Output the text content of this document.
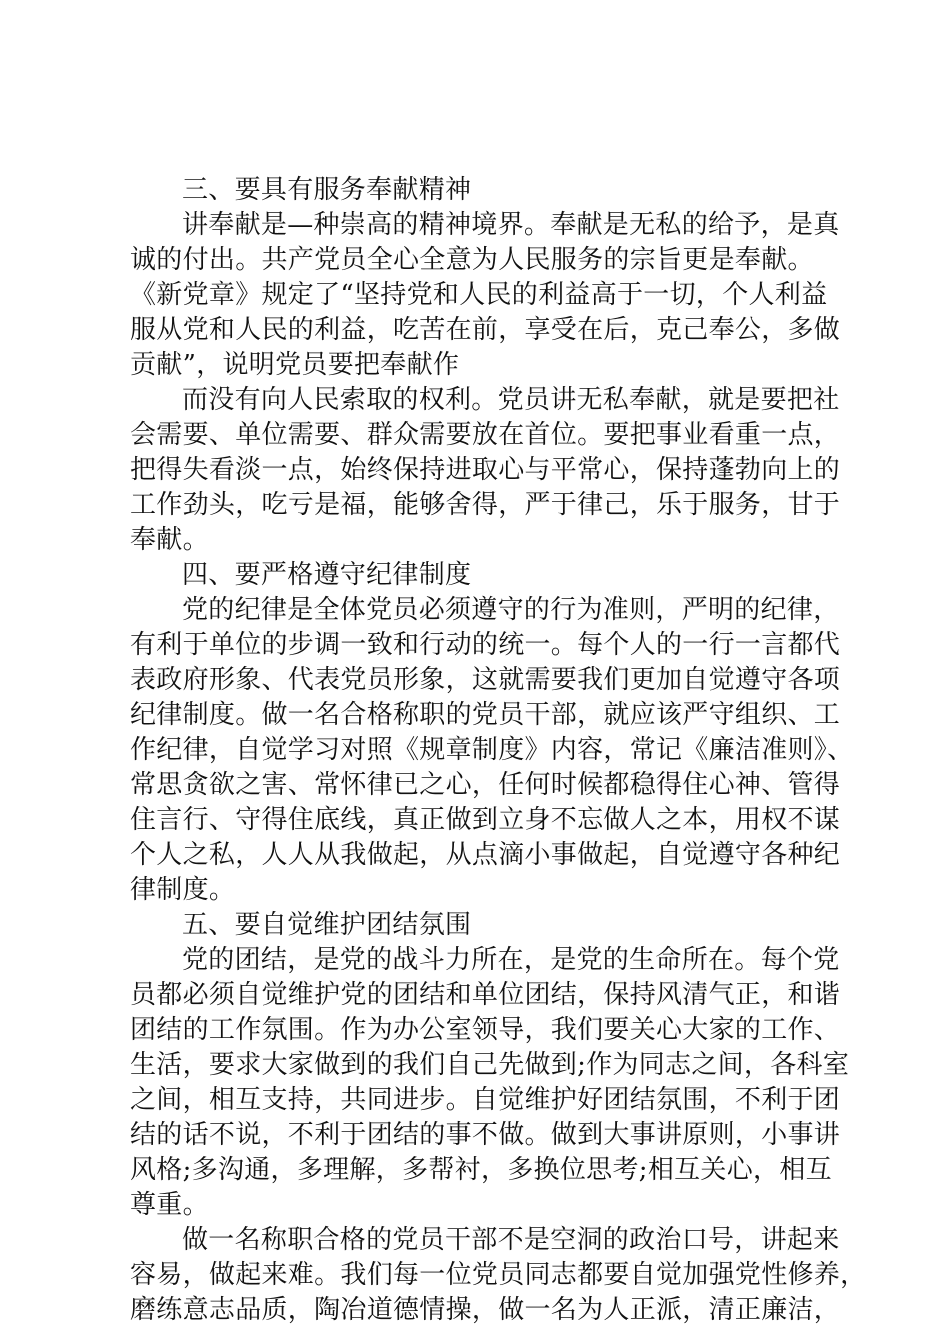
三、要具有服务奉献精神
讲奉献是—种崇高的精神境界。奉献是无私的给予，是真
诚的付出。共产党员全心全意为人民服务的宗旨更是奉献。
《新党章》规定了“坚持党和人民的利益高于一切，个人利益
服从党和人民的利益，吃苦在前，享受在后，克己奉公，多做
贡献”，说明党员要把奉献作
而没有向人民索取的权利。党员讲无私奉献，就是要把社
会需要、单位需要、群众需要放在首位。要把事业看重一点，
把得失看淡一点，始终保持进取心与平常心，保持蓬勃向上的
工作劲头，吃亏是福，能够舍得，严于律己，乐于服务，甘于
奉献。
四、要严格遵守纪律制度
党的纪律是全体党员必须遵守的行为准则，严明的纪律，
有利于单位的步调一致和行动的统一。每个人的一行一言都代
表政府形象、代表党员形象，这就需要我们更加自觉遵守各项
纪律制度。做一名合格称职的党员干部，就应该严守组织、工
作纪律，自觉学习对照《规章制度》内容，常记《廉洁准则》、
常思贪欲之害、常怀律已之心，任何时候都稳得住心神、管得
住言行、守得住底线，真正做到立身不忘做人之本，用权不谋
个人之私，人人从我做起，从点滴小事做起，自觉遵守各种纪
律制度。
五、要自觉维护团结氛围
党的团结，是党的战斗力所在，是党的生命所在。每个党
员都必须自觉维护党的团结和单位团结，保持风清气正，和谐
团结的工作氛围。作为办公室领导，我们要关心大家的工作、
生活，要求大家做到的我们自己先做到;作为同志之间，各科室
之间，相互支持，共同进步。自觉维护好团结氛围，不利于团
结的话不说，不利于团结的事不做。做到大事讲原则，小事讲
风格;多沟通，多理解，多帮衬，多换位思考;相互关心，相互
尊重。
做一名称职合格的党员干部不是空洞的政治口号，讲起来
容易，做起来难。我们每一位党员同志都要自觉加强党性修养，
磨练意志品质，陶冶道德情操，做一名为人正派，清正廉洁，
